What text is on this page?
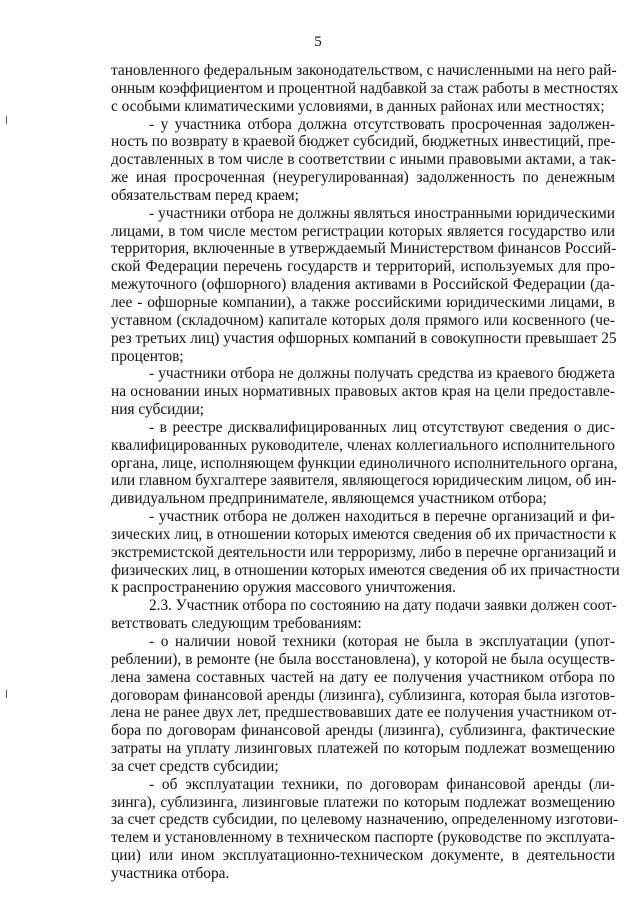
5
тановленного федеральным законодательством, с начисленными на него рай-
онным коэффициентом и процентной надбавкой за стаж работы в местностях
с особыми климатическими условиями, в данных районах или местностях;
- у участника отбора должна отсутствовать просроченная задолжен-
ность по возврату в краевой бюджет субсидий, бюджетных инвестиций, пре-
доставленных в том числе в соответствии с иными правовыми актами, а так-
же иная просроченная (неурегулированная) задолженность по денежным
обязательствам перед краем;
- участники отбора не должны являться иностранными юридическими
лицами, в том числе местом регистрации которых является государство или
территория, включенные в утверждаемый Министерством финансов Россий-
ской Федерации перечень государств и территорий, используемых для про-
межуточного (офшорного) владения активами в Российской Федерации (да-
лее - офшорные компании), а также российскими юридическими лицами, в
уставном (складочном) капитале которых доля прямого или косвенного (че-
рез третьих лиц) участия офшорных компаний в совокупности превышает 25
процентов;
- участники отбора не должны получать средства из краевого бюджета
на основании иных нормативных правовых актов края на цели предоставле-
ния субсидии;
- в реестре дисквалифицированных лиц отсутствуют сведения о дис-
квалифицированных руководителе, членах коллегиального исполнительного
органа, лице, исполняющем функции единоличного исполнительного органа,
или главном бухгалтере заявителя, являющегося юридическим лицом, об ин-
дивидуальном предпринимателе, являющемся участником отбора;
- участник отбора не должен находиться в перечне организаций и фи-
зических лиц, в отношении которых имеются сведения об их причастности к
экстремистской деятельности или терроризму, либо в перечне организаций и
физических лиц, в отношении которых имеются сведения об их причастности
к распространению оружия массового уничтожения.
2.3. Участник отбора по состоянию на дату подачи заявки должен соот-
ветствовать следующим требованиям:
- о наличии новой техники (которая не была в эксплуатации (упот-
реблении), в ремонте (не была восстановлена), у которой не была осуществ-
лена замена составных частей на дату ее получения участником отбора по
договорам финансовой аренды (лизинга), сублизинга, которая была изготов-
лена не ранее двух лет, предшествовавших дате ее получения участником от-
бора по договорам финансовой аренды (лизинга), сублизинга, фактические
затраты на уплату лизинговых платежей по которым подлежат возмещению
за счет средств субсидии;
- об эксплуатации техники, по договорам финансовой аренды (ли-
зинга), сублизинга, лизинговые платежи по которым подлежат возмещению
за счет средств субсидии, по целевому назначению, определенному изготови-
телем и установленному в техническом паспорте (руководстве по эксплуата-
ции) или ином эксплуатационно-техническом документе, в деятельности
участника отбора.
